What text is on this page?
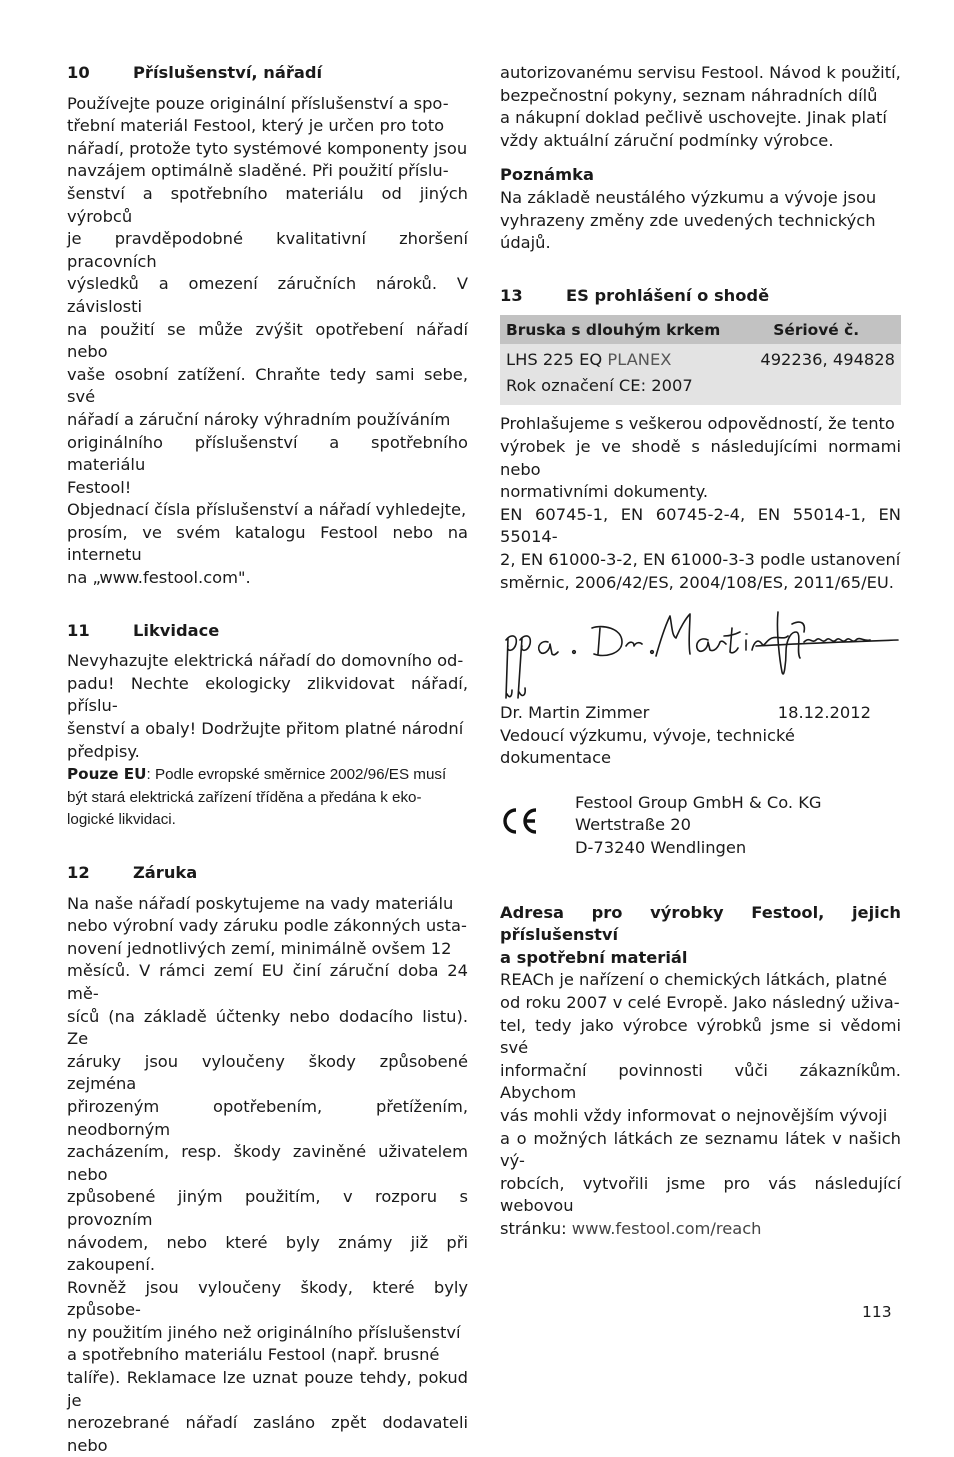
10	Příslušenství, nářadí

Používejte pouze originální příslušenství a spo-

třební materiál Festool, který je určen pro toto

nářadí, protože tyto systémové komponenty jsou

navzájem optimálně sladěné. Při použití příslu-

šenství a spotřebního materiálu od jiných výrobců

je pravděpodobné kvalitativní zhoršení pracovních

výsledků a omezení záručních nároků. V závislosti

na použití se může zvýšit opotřebení nářadí nebo

vaše osobní zatížení. Chraňte tedy sami sebe, své

nářadí a záruční nároky výhradním používáním

originálního příslušenství a spotřebního materiálu

Festool!

Objednací čísla příslušenství a nářadí vyhledejte,

prosím, ve svém katalogu Festool nebo na internetu

na „www.festool.com".

11	Likvidace

Nevyhazujte elektrická nářadí do domovního od-

padu! Nechte ekologicky zlikvidovat nářadí, příslu-

šenství a obaly! Dodržujte přitom platné národní

předpisy.

Pouze EU: Podle evropské směrnice 2002/96/ES musí

být stará elektrická zařízení tříděna a předána k eko-

logické likvidaci.

12	Záruka

Na naše nářadí poskytujeme na vady materiálu

nebo výrobní vady záruku podle zákonných usta-

novení jednotlivých zemí, minimálně ovšem 12

měsíců. V rámci zemí EU činí záruční doba 24 mě-

síců (na základě účtenky nebo dodacího listu). Ze

záruky jsou vyloučeny škody způsobené zejména

přirozeným opotřebením, přetížením, neodborným

zacházením, resp. škody zaviněné uživatelem nebo

způsobené jiným použitím, v rozporu s provozním

návodem, nebo které byly známy již při zakoupení.

Rovněž jsou vyloučeny škody, které byly způsobe-

ny použitím jiného než originálního příslušenství

a spotřebního materiálu Festool (např. brusné

talíře). Reklamace lze uznat pouze tehdy, pokud je

nerozebrané nářadí zasláno zpět dodavateli nebo

autorizovanému servisu Festool. Návod k použití,

bezpečnostní pokyny, seznam náhradních dílů

a nákupní doklad pečlivě uschovejte. Jinak platí

vždy aktuální záruční podmínky výrobce.

Poznámka

Na základě neustálého výzkumu a vývoje jsou

vyhrazeny změny zde uvedených technických

údajů.

13	ES prohlášení o shodě
Bruska s dlouhým krkem	Sériové č.
LHS 225 EQ PLANEX	492236, 494828
Rok označení CE: 2007	

Prohlašujeme s veškerou odpovědností, že tento

výrobek je ve shodě s následujícími normami nebo

normativními dokumenty.

EN 60745-1, EN 60745-2-4, EN 55014-1, EN 55014-

2, EN 61000-3-2, EN 61000-3-3 podle ustanovení

směrnic, 2006/42/ES, 2004/108/ES, 2011/65/EU.

Dr. Martin Zimmer	18.12.2012

Vedoucí výzkumu, vývoje, technické dokumentace

Festool Group GmbH & Co. KG

Wertstraße 20

D-73240 Wendlingen

Adresa pro výrobky Festool, jejich příslušenství

a spotřební materiál

REACh je nařízení o chemických látkách, platné

od roku 2007 v celé Evropě. Jako následný uživa-

tel, tedy jako výrobce výrobků jsme si vědomi své

informační povinnosti vůči zákazníkům. Abychom

vás mohli vždy informovat o nejnovějším vývoji

a o možných látkách ze seznamu látek v našich vý-

robcích, vytvořili jsme pro vás následující webovou

stránku: www.festool.com/reach

113
